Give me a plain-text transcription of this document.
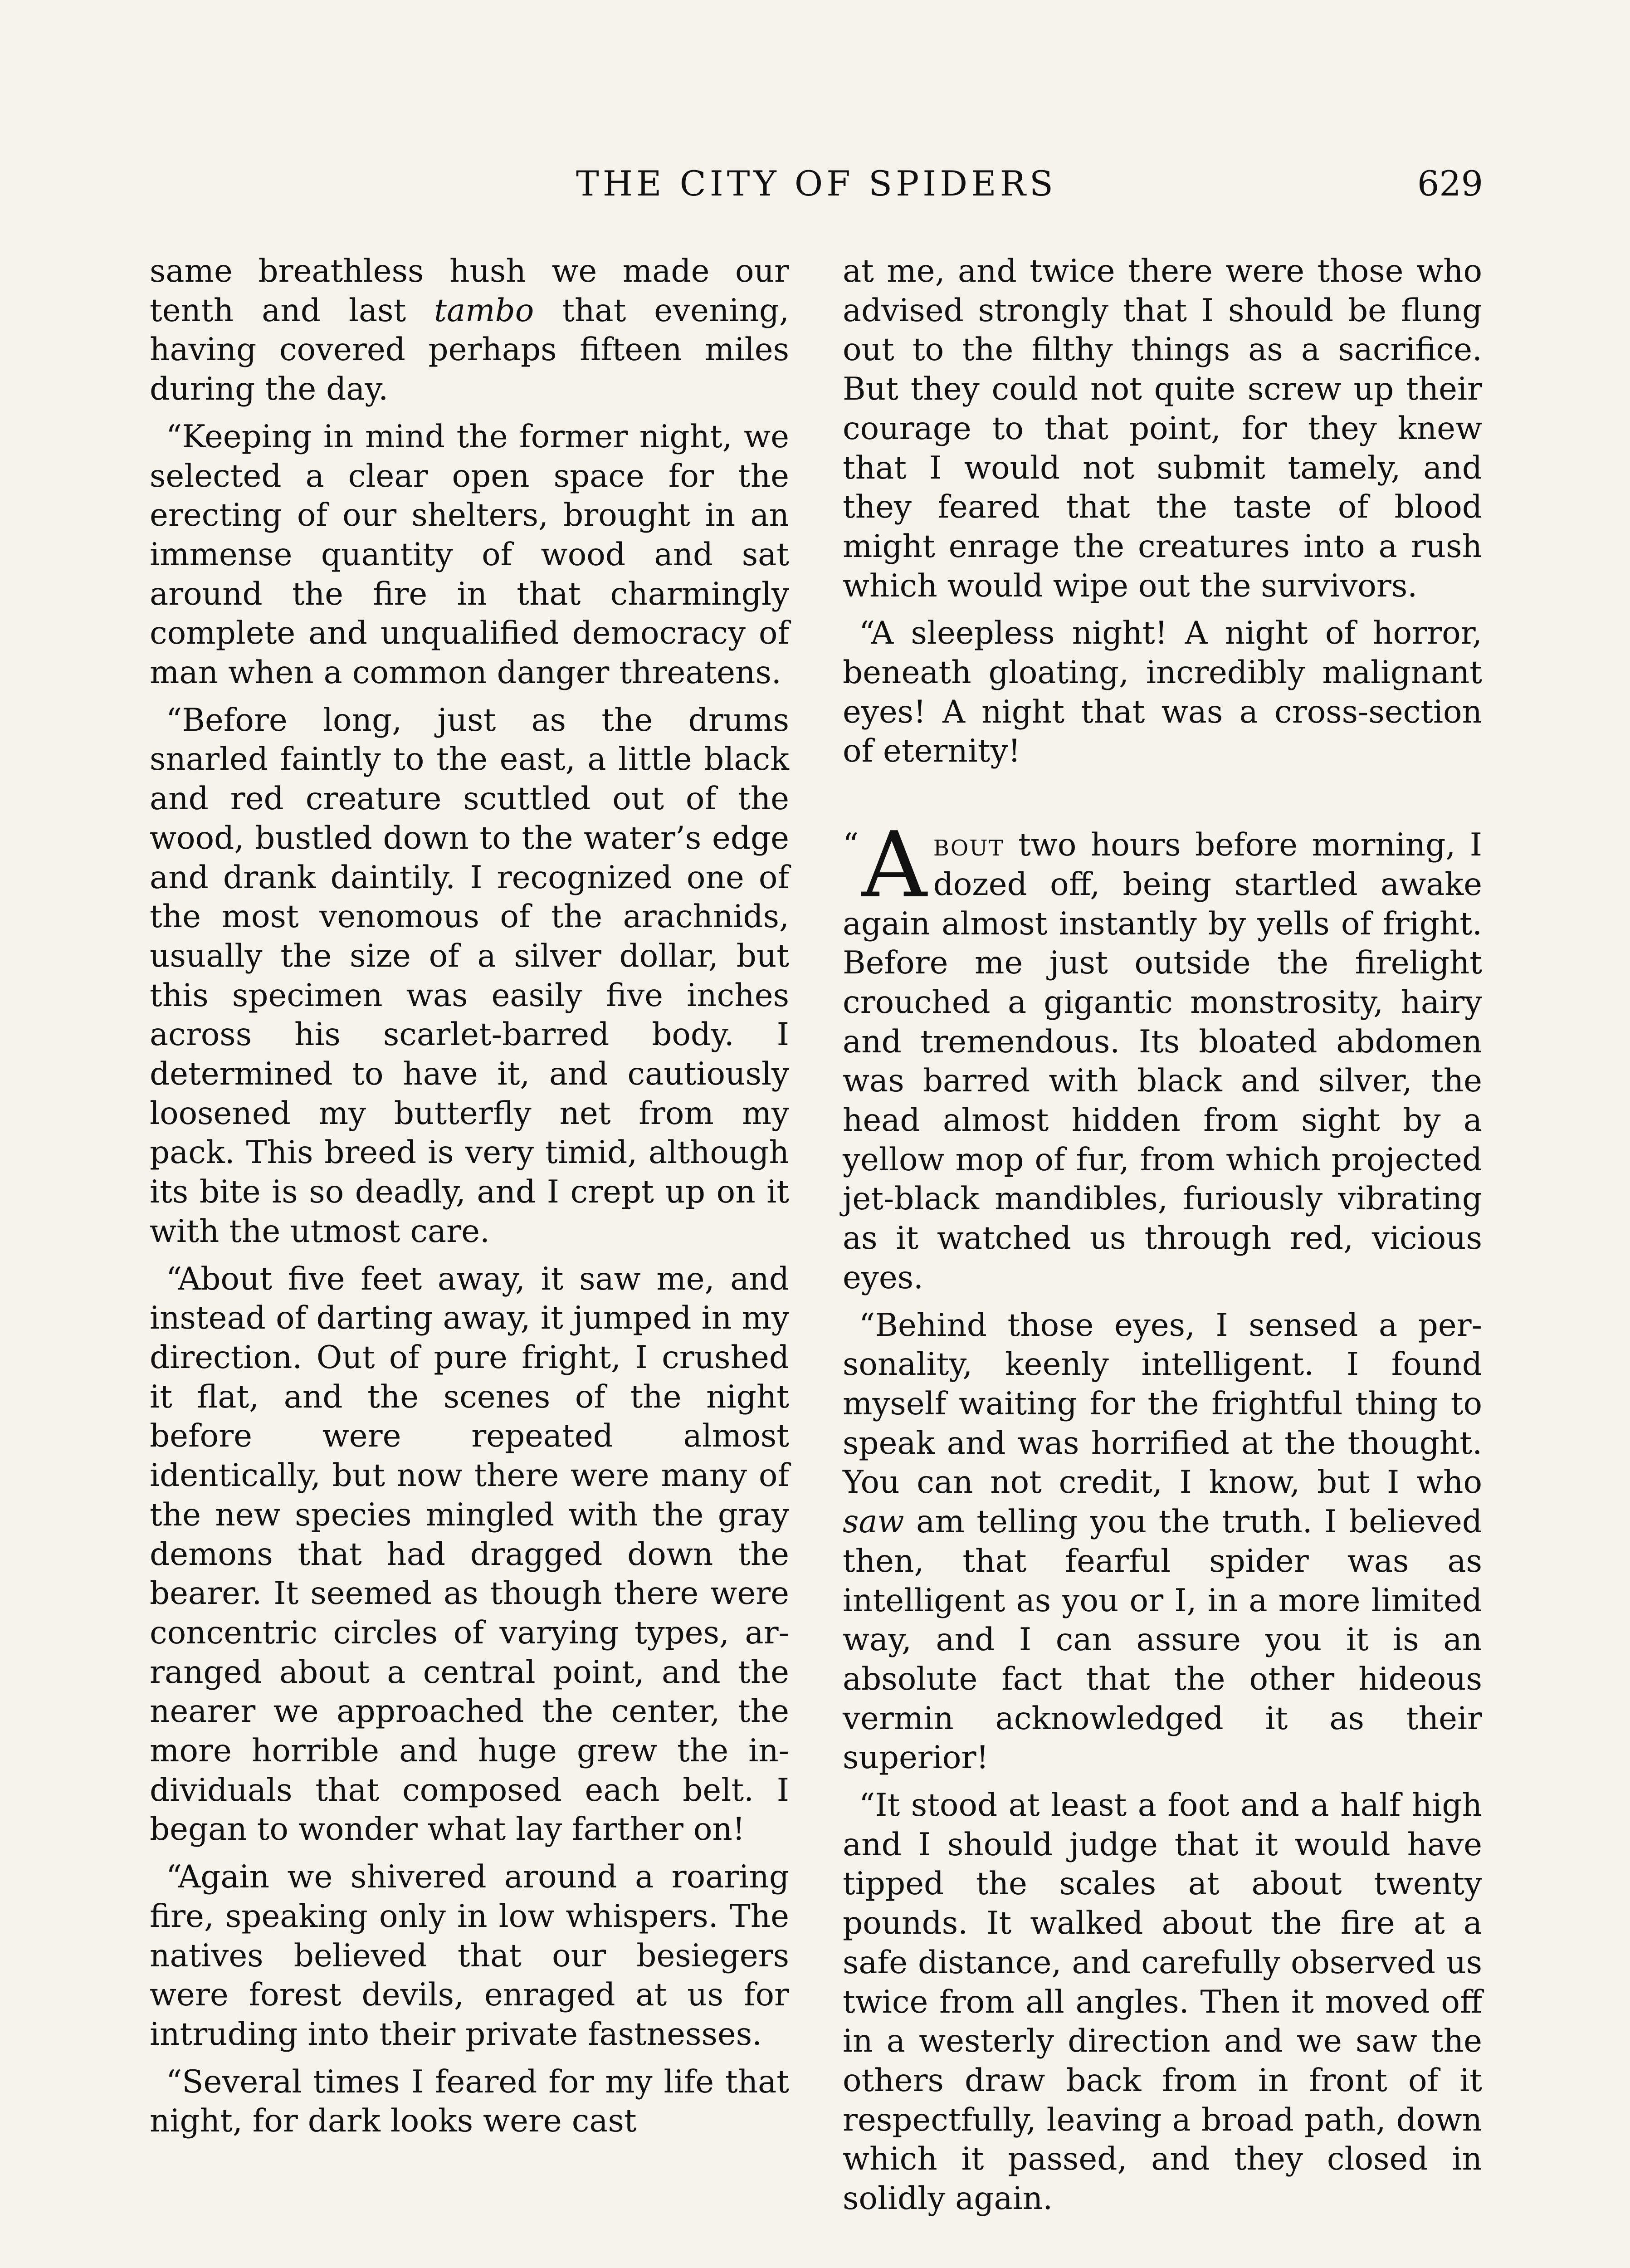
THE CITY OF SPIDERS	629

same breathless hush we made our tenth and last tambo that evening, having covered perhaps fifteen miles during the day.

“Keeping in mind the former night, we selected a clear open space for the erecting of our shelters, brought in an immense quantity of wood and sat around the fire in that charmingly complete and unqualified democracy of man when a common danger threatens.

“Before long, just as the drums snarled faintly to the east, a little black and red creature scuttled out of the wood, bustled down to the water’s edge and drank daintily. I recognized one of the most venomous of the arachnids, usually the size of a silver dollar, but this specimen was easily five inches across his scarlet-barred body. I determined to have it, and cautiously loosened my butterfly net from my pack. This breed is very timid, although its bite is so deadly, and I crept up on it with the utmost care.

“About five feet away, it saw me, and instead of darting away, it jumped in my direction. Out of pure fright, I crushed it flat, and the scenes of the night before were repeated almost identically, but now there were many of the new species mingled with the gray demons that had dragged down the bearer. It seemed as though there were concentric circles of varying types, arranged about a central point, and the nearer we approached the center, the more horrible and huge grew the individuals that composed each belt. I began to wonder what lay farther on!

“Again we shivered around a roaring fire, speaking only in low whispers. The natives believed that our besiegers were forest devils, enraged at us for intruding into their private fastnesses.

“Several times I feared for my life that night, for dark looks were cast

at me, and twice there were those who advised strongly that I should be flung out to the filthy things as a sacrifice. But they could not quite screw up their courage to that point, for they knew that I would not submit tamely, and they feared that the taste of blood might enrage the creatures into a rush which would wipe out the survivors.

“A sleepless night! A night of horror, beneath gloating, incredibly malignant eyes! A night that was a cross-section of eternity!

“ A bout two hours before morning, I dozed off, being startled awake again almost instantly by yells of fright. Before me just outside the firelight crouched a gigantic monstrosity, hairy and tremendous. Its bloated abdomen was barred with black and silver, the head almost hidden from sight by a yellow mop of fur, from which projected jet-black mandibles, furiously vibrating as it watched us through red, vicious eyes.

“Behind those eyes, I sensed a personality, keenly intelligent. I found myself waiting for the frightful thing to speak and was horrified at the thought. You can not credit, I know, but I who saw am telling you the truth. I believed then, that fearful spider was as intelligent as you or I, in a more limited way, and I can assure you it is an absolute fact that the other hideous vermin acknowledged it as their superior!

“It stood at least a foot and a half high and I should judge that it would have tipped the scales at about twenty pounds. It walked about the fire at a safe distance, and carefully observed us twice from all angles. Then it moved off in a westerly direction and we saw the others draw back from in front of it respectfully, leaving a broad path, down which it passed, and they closed in solidly again.
